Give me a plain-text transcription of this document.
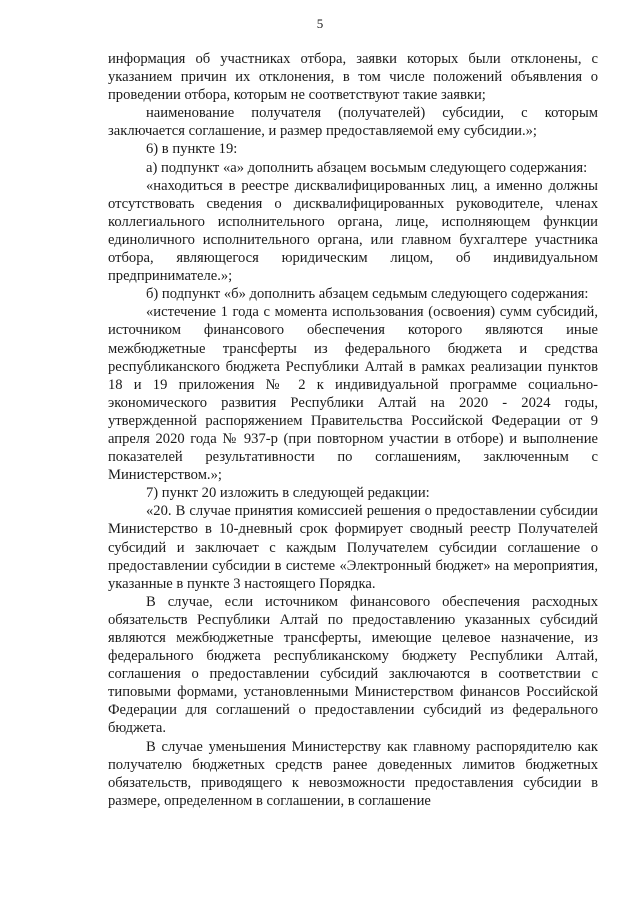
5

информация об участниках отбора, заявки которых были отклонены, с указанием причин их отклонения, в том числе положений объявления о проведении отбора, которым не соответствуют такие заявки;

наименование получателя (получателей) субсидии, с которым заключается соглашение, и размер предоставляемой ему субсидии.»;

6) в пункте 19:

а) подпункт «а» дополнить абзацем восьмым следующего содержания:

«находиться в реестре дисквалифицированных лиц, а именно должны отсутствовать сведения о дисквалифицированных руководителе, членах коллегиального исполнительного органа, лице, исполняющем функции единоличного исполнительного органа, или главном бухгалтере участника отбора, являющегося юридическим лицом, об индивидуальном предпринимателе.»;

б) подпункт «б» дополнить абзацем седьмым следующего содержания:

«истечение 1 года с момента использования (освоения) сумм субсидий, источником финансового обеспечения которого являются иные межбюджетные трансферты из федерального бюджета и средства республиканского бюджета Республики Алтай в рамках реализации пунктов 18 и 19 приложения № 2 к индивидуальной программе социально-экономического развития Республики Алтай на 2020 - 2024 годы, утвержденной распоряжением Правительства Российской Федерации от 9 апреля 2020 года № 937-р (при повторном участии в отборе) и выполнение показателей результативности по соглашениям, заключенным с Министерством.»;

7) пункт 20 изложить в следующей редакции:

«20. В случае принятия комиссией решения о предоставлении субсидии Министерство в 10-дневный срок формирует сводный реестр Получателей субсидий и заключает с каждым Получателем субсидии соглашение о предоставлении субсидии в системе «Электронный бюджет» на мероприятия, указанные в пункте 3 настоящего Порядка.

В случае, если источником финансового обеспечения расходных обязательств Республики Алтай по предоставлению указанных субсидий являются межбюджетные трансферты, имеющие целевое назначение, из федерального бюджета республиканскому бюджету Республики Алтай, соглашения о предоставлении субсидий заключаются в соответствии с типовыми формами, установленными Министерством финансов Российской Федерации для соглашений о предоставлении субсидий из федерального бюджета.

В случае уменьшения Министерству как главному распорядителю как получателю бюджетных средств ранее доведенных лимитов бюджетных обязательств, приводящего к невозможности предоставления субсидии в размере, определенном в соглашении, в соглашение
